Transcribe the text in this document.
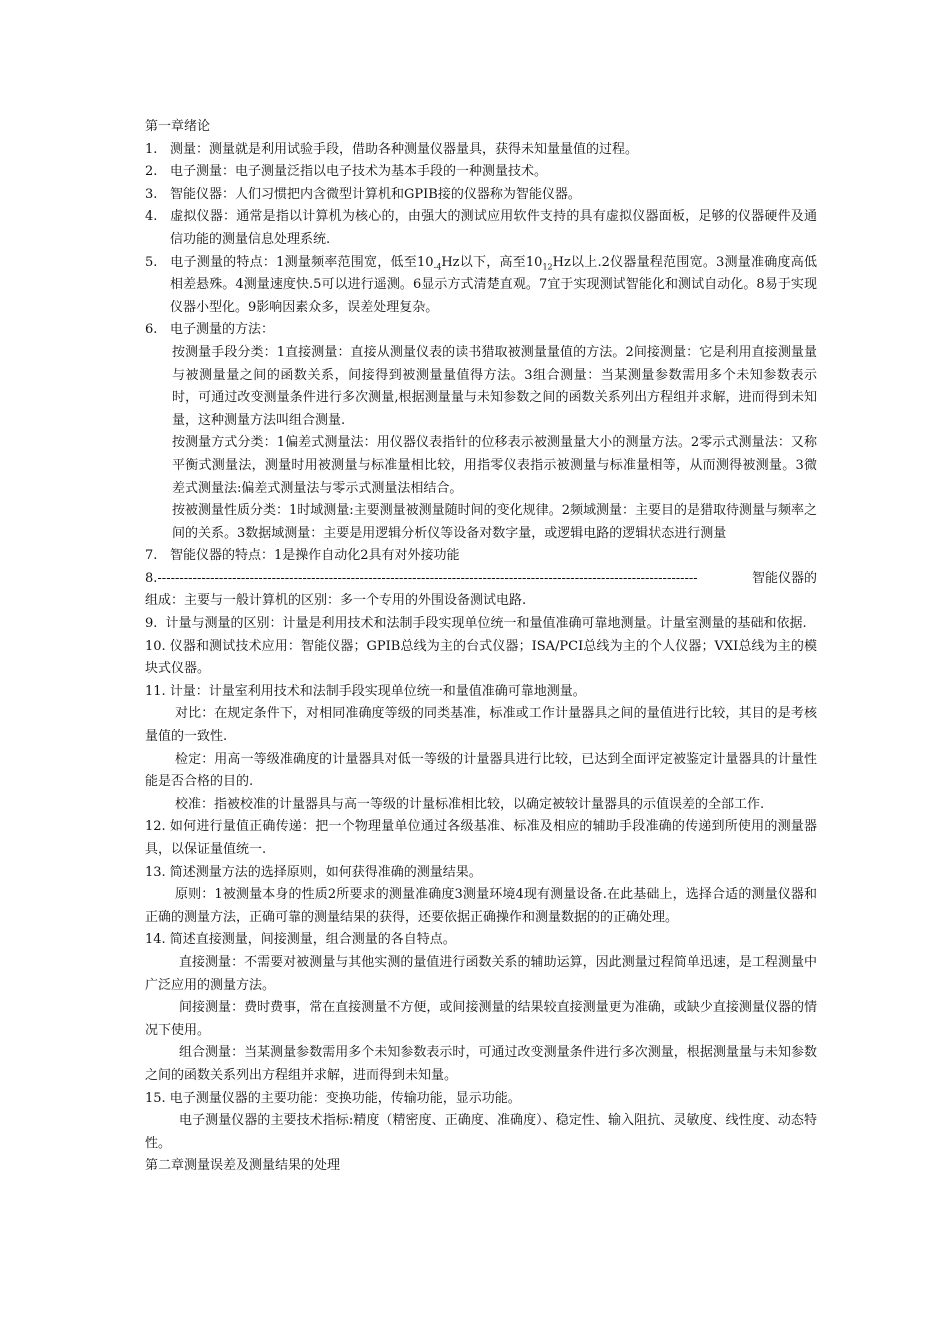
第一章绪论

1. 测量：测量就是利用试验手段，借助各种测量仪器量具，获得未知量量值的过程。

2. 电子测量：电子测量泛指以电子技术为基本手段的一种测量技术。

3. 智能仪器：人们习惯把内含微型计算机和GPIB接的仪器称为智能仪器。

4. 虚拟仪器：通常是指以计算机为核心的，由强大的测试应用软件支持的具有虚拟仪器面板，足够的仪器硬件及通信功能的测量信息处理系统.

5. 电子测量的特点：1测量频率范围宽，低至$10_{-4}Hz$以下，高至$10_{12}Hz$以上.2仪器量程范围宽。3测量准确度高低相差悬殊。4测量速度快.5可以进行遥测。6显示方式清楚直观。7宜于实现测试智能化和测试自动化。8易于实现仪器小型化。9影响因素众多，误差处理复杂。

6. 电子测量的方法：

按测量手段分类：1直接测量：直接从测量仪表的读书猎取被测量量值的方法。2间接测量：它是利用直接测量量与被测量量之间的函数关系，间接得到被测量量值得方法。3组合测量：当某测量参数需用多个未知参数表示时，可通过改变测量条件进行多次测量,根据测量量与未知参数之间的函数关系列出方程组并求解，进而得到未知量，这种测量方法叫组合测量.

按测量方式分类：1偏差式测量法：用仪器仪表指针的位移表示被测量量大小的测量方法。2零示式测量法：又称平衡式测量法，测量时用被测量与标准量相比较，用指零仪表指示被测量与标准量相等，从而测得被测量。3微差式测量法:偏差式测量法与零示式测量法相结合。

按被测量性质分类：1时域测量:主要测量被测量随时间的变化规律。2频域测量：主要目的是猎取待测量与频率之间的关系。3数据域测量：主要是用逻辑分析仪等设备对数字量，或逻辑电路的逻辑状态进行测量

7. 智能仪器的特点：1是操作自动化2具有对外接功能

8. ---------------------------------------------------------------------------------------------------------------------------	智能仪器的

组成：主要与一般计算机的区别：多一个专用的外围设备测试电路.

9. 计量与测量的区别：计量是利用技术和法制手段实现单位统一和量值准确可靠地测量。计量室测量的基础和依据.

10. 仪器和测试技术应用：智能仪器；GPIB总线为主的台式仪器；ISA/PCI总线为主的个人仪器；VXI总线为主的模块式仪器。

11. 计量：计量室利用技术和法制手段实现单位统一和量值准确可靠地测量。

对比：在规定条件下，对相同准确度等级的同类基准，标准或工作计量器具之间的量值进行比较，其目的是考核量值的一致性.

检定：用高一等级准确度的计量器具对低一等级的计量器具进行比较，已达到全面评定被鉴定计量器具的计量性能是否合格的目的.

校准：指被校准的计量器具与高一等级的计量标准相比较，以确定被较计量器具的示值误差的全部工作.

12. 如何进行量值正确传递：把一个物理量单位通过各级基准、标准及相应的辅助手段准确的传递到所使用的测量器具，以保证量值统一.

13. 简述测量方法的选择原则，如何获得准确的测量结果。

原则：1被测量本身的性质2所要求的测量准确度3测量环境4现有测量设备.在此基础上，选择合适的测量仪器和正确的测量方法，正确可靠的测量结果的获得，还要依据正确操作和测量数据的的正确处理。

14. 简述直接测量，间接测量，组合测量的各自特点。

直接测量：不需要对被测量与其他实测的量值进行函数关系的辅助运算，因此测量过程简单迅速，是工程测量中广泛应用的测量方法。

间接测量：费时费事，常在直接测量不方便，或间接测量的结果较直接测量更为准确，或缺少直接测量仪器的情况下使用。

组合测量：当某测量参数需用多个未知参数表示时，可通过改变测量条件进行多次测量，根据测量量与未知参数之间的函数关系列出方程组并求解，进而得到未知量。

15. 电子测量仪器的主要功能：变换功能，传输功能，显示功能。

电子测量仪器的主要技术指标:精度（精密度、正确度、准确度）、稳定性、输入阻抗、灵敏度、线性度、动态特性。

第二章测量误差及测量结果的处理
